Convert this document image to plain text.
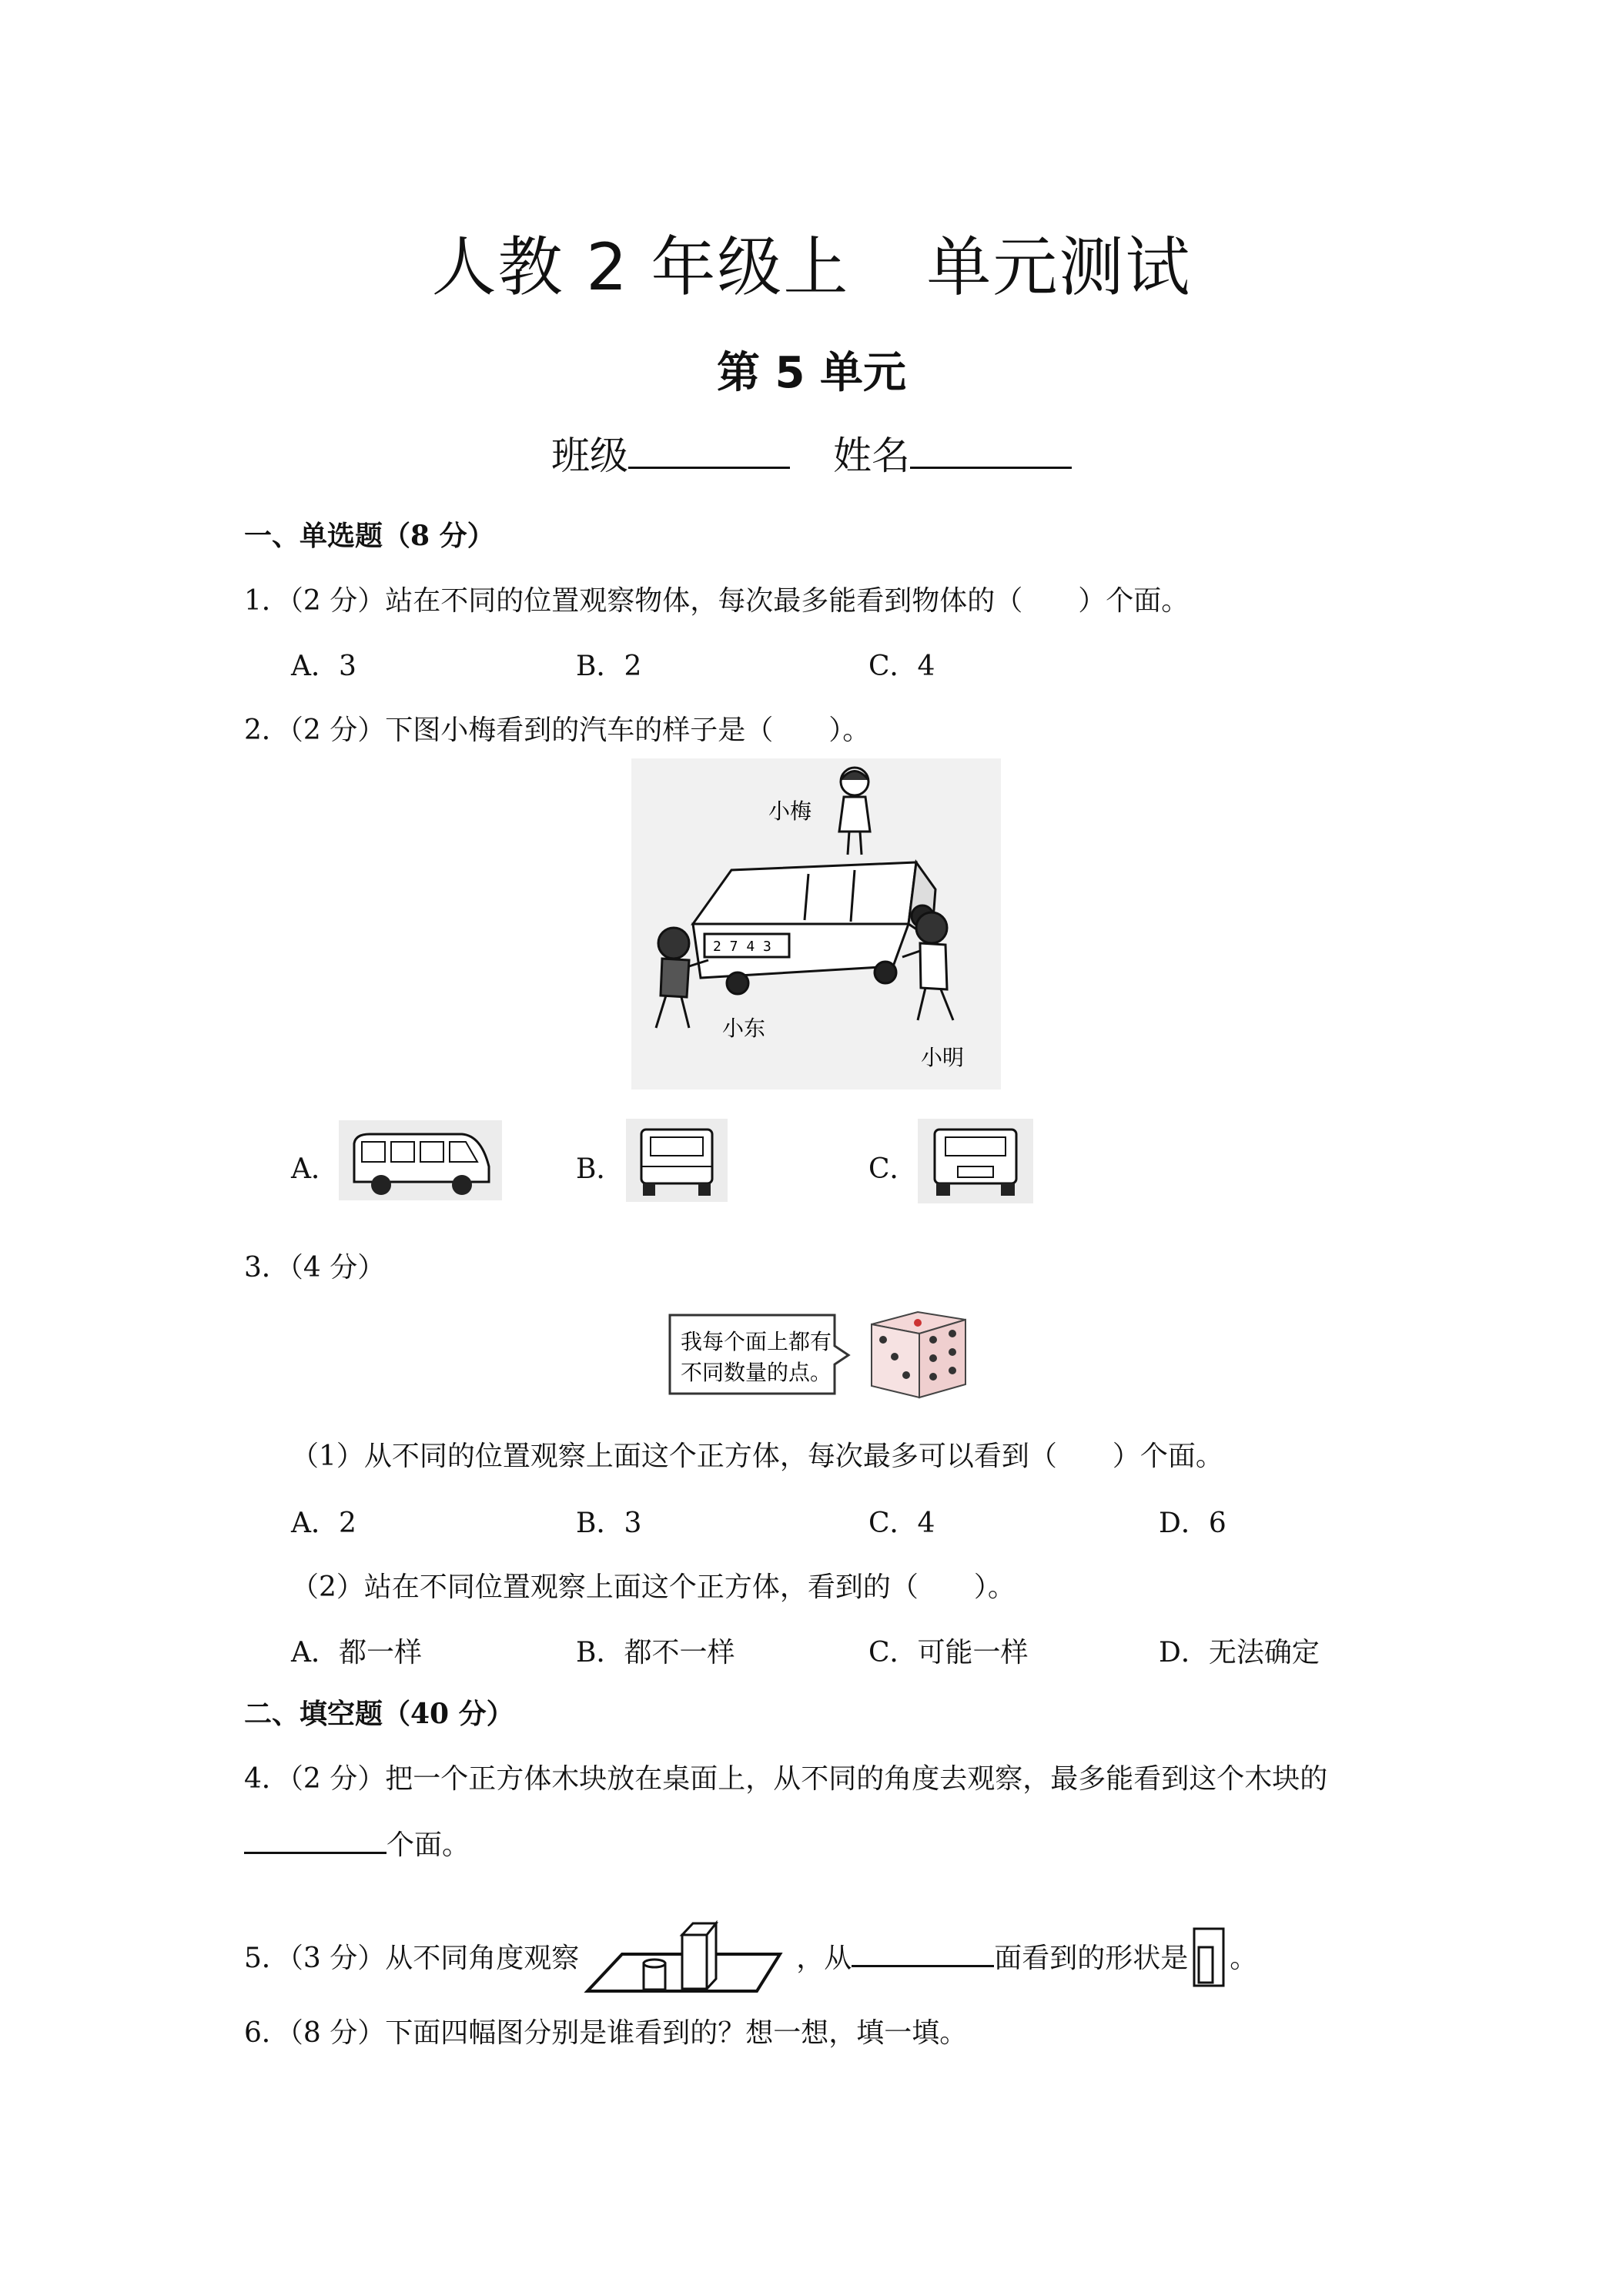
人教 2 年级上 单元测试
第 5 单元
班级	姓名
一、单选题（8 分）
1．（2 分）站在不同的位置观察物体，每次最多能看到物体的（　　）个面。
A．3	B．2	C．4
2．（2 分）下图小梅看到的汽车的样子是（　　）。
小梅
2 7 4 3
小东
小明
A．	B．	C．
3．（4 分）
我每个面上都有
不同数量的点。
（1）从不同的位置观察上面这个正方体，每次最多可以看到（　　）个面。
A．2	B．3	C．4	D．6
（2）站在不同位置观察上面这个正方体，看到的（　　）。
A．都一样	B．都不一样	C．可能一样	D．无法确定
二、填空题（40 分）
4．（2 分）把一个正方体木块放在桌面上，从不同的角度去观察，最多能看到这个木块的
个面。
5．（3 分）从不同角度观察	，从	面看到的形状是 。
6．（8 分）下面四幅图分别是谁看到的？想一想，填一填。
